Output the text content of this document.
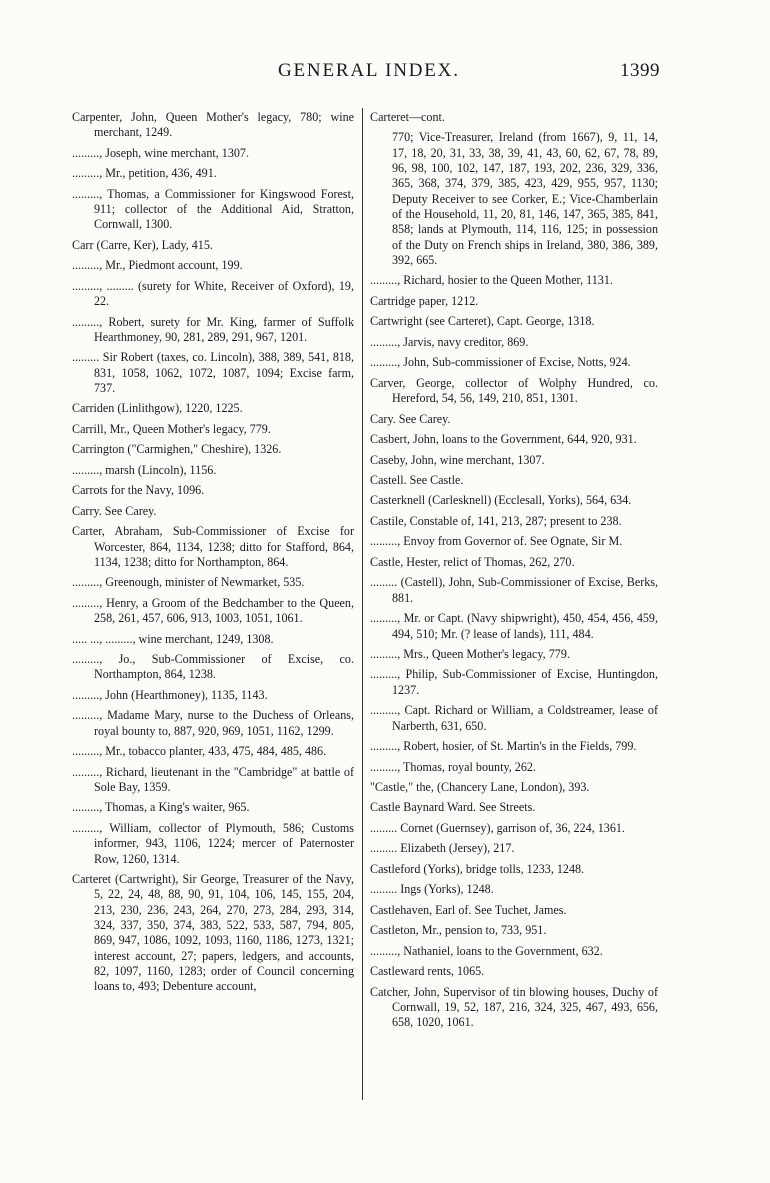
GENERAL INDEX.	1399

Carpenter, John, Queen Mother's legacy, 780; wine merchant, 1249.

........., Joseph, wine merchant, 1307.

........., Mr., petition, 436, 491.

........., Thomas, a Commissioner for Kingswood Forest, 911; collector of the Additional Aid, Stratton, Cornwall, 1300.

Carr (Carre, Ker), Lady, 415.

........., Mr., Piedmont account, 199.

........., ......... (surety for White, Receiver of Oxford), 19, 22.

........., Robert, surety for Mr. King, farmer of Suffolk Hearthmoney, 90, 281, 289, 291, 967, 1201.

......... Sir Robert (taxes, co. Lincoln), 388, 389, 541, 818, 831, 1058, 1062, 1072, 1087, 1094; Excise farm, 737.

Carriden (Linlithgow), 1220, 1225.

Carrill, Mr., Queen Mother's legacy, 779.

Carrington ("Carmighen," Cheshire), 1326.

........., marsh (Lincoln), 1156.

Carrots for the Navy, 1096.

Carry. See Carey.

Carter, Abraham, Sub-Commissioner of Excise for Worcester, 864, 1134, 1238; ditto for Stafford, 864, 1134, 1238; ditto for Northampton, 864.

........., Greenough, minister of Newmarket, 535.

........., Henry, a Groom of the Bedchamber to the Queen, 258, 261, 457, 606, 913, 1003, 1051, 1061.

..... ..., ........., wine merchant, 1249, 1308.

........., Jo., Sub-Commissioner of Excise, co. Northampton, 864, 1238.

........., John (Hearthmoney), 1135, 1143.

........., Madame Mary, nurse to the Duchess of Orleans, royal bounty to, 887, 920, 969, 1051, 1162, 1299.

........., Mr., tobacco planter, 433, 475, 484, 485, 486.

........., Richard, lieutenant in the "Cambridge" at battle of Sole Bay, 1359.

........., Thomas, a King's waiter, 965.

........., William, collector of Plymouth, 586; Customs informer, 943, 1106, 1224; mercer of Paternoster Row, 1260, 1314.

Carteret (Cartwright), Sir George, Treasurer of the Navy, 5, 22, 24, 48, 88, 90, 91, 104, 106, 145, 155, 204, 213, 230, 236, 243, 264, 270, 273, 284, 293, 314, 324, 337, 350, 374, 383, 522, 533, 587, 794, 805, 869, 947, 1086, 1092, 1093, 1160, 1186, 1273, 1321; interest account, 27; papers, ledgers, and accounts, 82, 1097, 1160, 1283; order of Council concerning loans to, 493; Debenture account,

Carteret—cont.

770; Vice-Treasurer, Ireland (from 1667), 9, 11, 14, 17, 18, 20, 31, 33, 38, 39, 41, 43, 60, 62, 67, 78, 89, 96, 98, 100, 102, 147, 187, 193, 202, 236, 329, 336, 365, 368, 374, 379, 385, 423, 429, 955, 957, 1130; Deputy Receiver to see Corker, E.; Vice-Chamberlain of the Household, 11, 20, 81, 146, 147, 365, 385, 841, 858; lands at Plymouth, 114, 116, 125; in possession of the Duty on French ships in Ireland, 380, 386, 389, 392, 665.

........., Richard, hosier to the Queen Mother, 1131.

Cartridge paper, 1212.

Cartwright (see Carteret), Capt. George, 1318.

........., Jarvis, navy creditor, 869.

........., John, Sub-commissioner of Excise, Notts, 924.

Carver, George, collector of Wolphy Hundred, co. Hereford, 54, 56, 149, 210, 851, 1301.

Cary. See Carey.

Casbert, John, loans to the Government, 644, 920, 931.

Caseby, John, wine merchant, 1307.

Castell. See Castle.

Casterknell (Carlesknell) (Ecclesall, Yorks), 564, 634.

Castile, Constable of, 141, 213, 287; present to 238.

........., Envoy from Governor of. See Ognate, Sir M.

Castle, Hester, relict of Thomas, 262, 270.

......... (Castell), John, Sub-Commissioner of Excise, Berks, 881.

........., Mr. or Capt. (Navy shipwright), 450, 454, 456, 459, 494, 510; Mr. (? lease of lands), 111, 484.

........., Mrs., Queen Mother's legacy, 779.

........., Philip, Sub-Commissioner of Excise, Huntingdon, 1237.

........., Capt. Richard or William, a Coldstreamer, lease of Narberth, 631, 650.

........., Robert, hosier, of St. Martin's in the Fields, 799.

........., Thomas, royal bounty, 262.

"Castle," the, (Chancery Lane, London), 393.

Castle Baynard Ward. See Streets.

......... Cornet (Guernsey), garrison of, 36, 224, 1361.

......... Elizabeth (Jersey), 217.

Castleford (Yorks), bridge tolls, 1233, 1248.

......... Ings (Yorks), 1248.

Castlehaven, Earl of. See Tuchet, James.

Castleton, Mr., pension to, 733, 951.

........., Nathaniel, loans to the Government, 632.

Castleward rents, 1065.

Catcher, John, Supervisor of tin blowing houses, Duchy of Cornwall, 19, 52, 187, 216, 324, 325, 467, 493, 656, 658, 1020, 1061.
